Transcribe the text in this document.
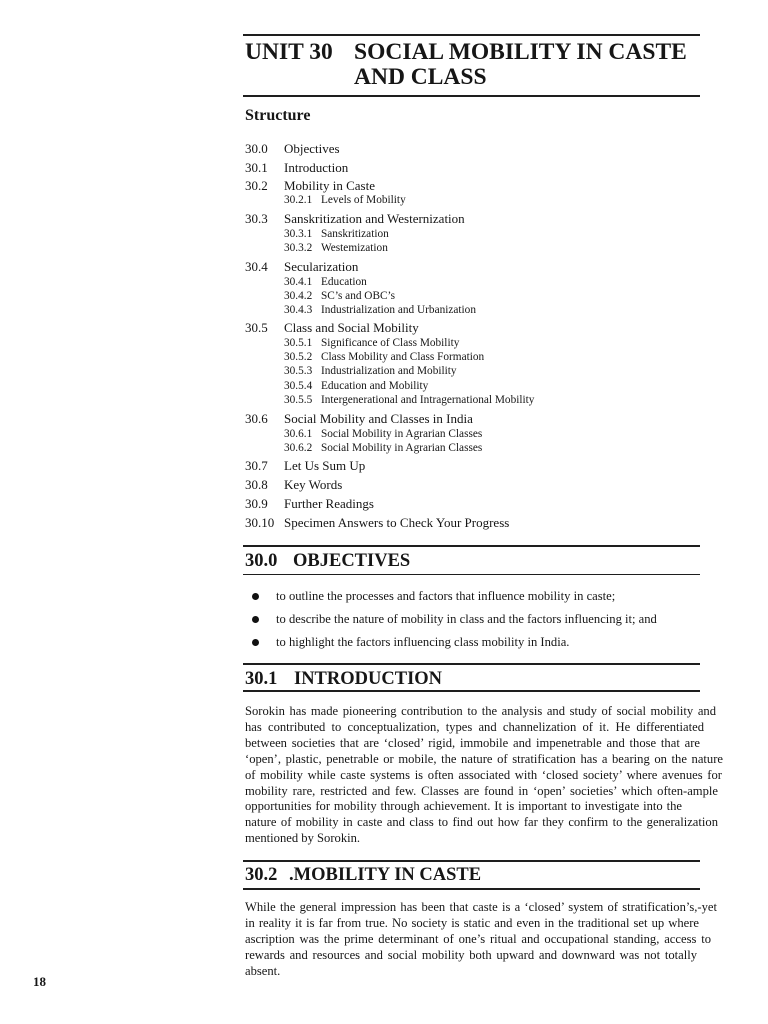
UNIT 30 SOCIAL MOBILITY IN CASTE
AND CLASS
Structure
30.0 Objectives
30.1 Introduction
30.2 Mobility in Caste
30.2.1 Levels of Mobility
30.3 Sanskritization and Westernization
30.3.1 Sanskritization
30.3.2 Westemization
30.4 Secularization
30.4.1 Education
30.4.2 SC’s and OBC’s
30.4.3 Industrialization and Urbanization
30.5 Class and Social Mobility
30.5.1 Significance of Class Mobility
30.5.2 Class Mobility and Class Formation
30.5.3 Industrialization and Mobility
30.5.4 Education and Mobility
30.5.5 Intergenerational and Intragernational Mobility
30.6 Social Mobility and Classes in India
30.6.1 Social Mobility in Agrarian Classes
30.6.2 Social Mobility in Agrarian Classes
30.7 Let Us Sum Up
30.8 Key Words
30.9 Further Readings
30.10 Specimen Answers to Check Your Progress
30.0 OBJECTIVES
to outline the processes and factors that influence mobility in caste;
to describe the nature of mobility in class and the factors influencing it; and
to highlight the factors influencing class mobility in India.
30.1 INTRODUCTION
Sorokin has made pioneering contribution to the analysis and study of social mobility and
has contributed to conceptualization, types and channelization of it. He differentiated
between societies that are ‘closed’ rigid, immobile and impenetrable and those that are
‘open’, plastic, penetrable or mobile, the nature of stratification has a bearing on the nature
of mobility while caste systems is often associated with ‘closed society’ where avenues for
mobility rare, restricted and few. Classes are found in ‘open’ societies’ which often-ample
opportunities for mobility through achievement. It is important to investigate into the
nature of mobility in caste and class to find out how far they confirm to the generalization
mentioned by Sorokin.
30.2 .MOBILITY IN CASTE
While the general impression has been that caste is a ‘closed’ system of stratification’s,-yet
in reality it is far from true. No society is static and even in the traditional set up where
ascription was the prime determinant of one’s ritual and occupational standing, access to
rewards and resources and social mobility both upward and downward was not totally
absent.
18
